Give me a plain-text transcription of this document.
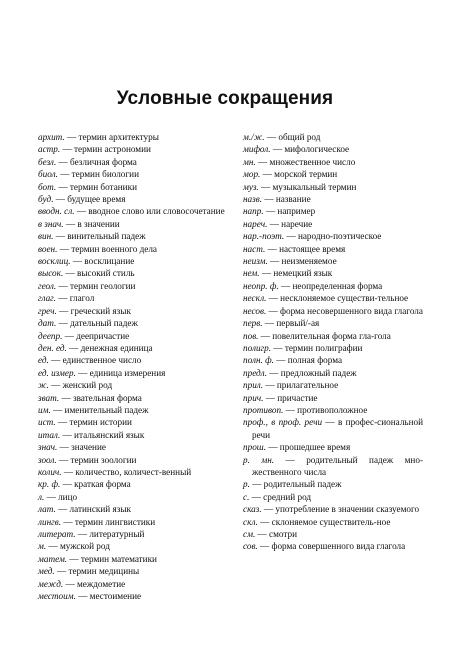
Условные сокращения

архит. — термин архитектуры

астр. — термин астрономии

безл. — безличная форма

биол. — термин биологии

бот. — термин ботаники

буд. — будущее время

вводн. сл. — вводное слово или словосочетание

в знач. — в значении

вин. — винительный падеж

воен. — термин военного дела

восклиц. — восклицание

высок. — высокий стиль

геол. — термин геологии

глаг. — глагол

греч. — греческий язык

дат. — дательный падеж

деепр. — деепричастие

ден. ед. — денежная единица

ед. — единственное число

ед. измер. — единица измерения

ж. — женский род

зват. — звательная форма

им. — именительный падеж

ист. — термин истории

итал. — итальянский язык

знач. — значение

зоол. — термин зоологии

колич. — количество, количест-венный

кр. ф. — краткая форма

л. — лицо

лат. — латинский язык

лингв. — термин лингвистики

литерат. — литературный

м. — мужской род

матем. — термин математики

мед. — термин медицины

межд. — междометие

местоим. — местоимение

м./ж. — общий род

мифол. — мифологическое

мн. — множественное число

мор. — морской термин

муз. — музыкальный термин

назв. — название

напр. — например

нареч. — наречие

нар.-поэт. — народно-поэтическое

наст. — настоящее время

неизм. — неизменяемое

нем. — немецкий язык

неопр. ф. — неопределенная форма

нескл. — несклоняемое существи-тельное

несов. — форма несовершенного вида глагола

перв. — первый/-ая

пов. — повелительная форма гла-гола

полигр. — термин полиграфии

полн. ф. — полная форма

предл. — предложный падеж

прил. — прилагательное

прич. — причастие

противоп. — противоположное

проф., в проф. речи — в профес-сиональной речи

прош. — прошедшее время

р. мн. — родительный падеж мно-жественного числа

р. — родительный падеж

с. — средний род

сказ. — употребление в значении сказуемого

скл. — склоняемое существитель-ное

см. — смотри

сов. — форма совершенного вида глагола
